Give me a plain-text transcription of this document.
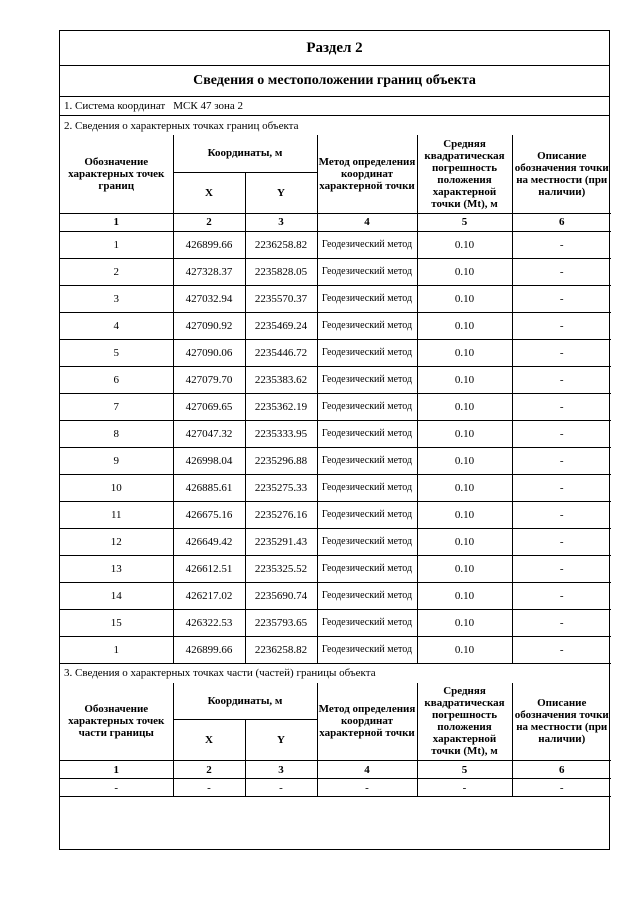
Раздел 2
Сведения о местоположении границ объекта
1. Система координат МСК 47 зона 2
2. Сведения о характерных точках границ объекта
Обозначение характерных точек границ	Координаты, м		Метод определения координат характерной точки	Средняя квадратическая погрешность положения характерной точки (Mt), м	Описание обозначения точки на местности (при наличии)
	X	Y			
1	2	3	4	5	6
1	426899.66	2236258.82	Геодезический метод	0.10	-
2	427328.37	2235828.05	Геодезический метод	0.10	-
3	427032.94	2235570.37	Геодезический метод	0.10	-
4	427090.92	2235469.24	Геодезический метод	0.10	-
5	427090.06	2235446.72	Геодезический метод	0.10	-
6	427079.70	2235383.62	Геодезический метод	0.10	-
7	427069.65	2235362.19	Геодезический метод	0.10	-
8	427047.32	2235333.95	Геодезический метод	0.10	-
9	426998.04	2235296.88	Геодезический метод	0.10	-
10	426885.61	2235275.33	Геодезический метод	0.10	-
11	426675.16	2235276.16	Геодезический метод	0.10	-
12	426649.42	2235291.43	Геодезический метод	0.10	-
13	426612.51	2235325.52	Геодезический метод	0.10	-
14	426217.02	2235690.74	Геодезический метод	0.10	-
15	426322.53	2235793.65	Геодезический метод	0.10	-
1	426899.66	2236258.82	Геодезический метод	0.10	-
3. Сведения о характерных точках части (частей) границы объекта
Обозначение характерных точек части границы	Координаты, м		Метод определения координат характерной точки	Средняя квадратическая погрешность положения характерной точки (Mt), м	Описание обозначения точки на местности (при наличии)
	X	Y			
1	2	3	4	5	6
-	-	-	-	-	-
